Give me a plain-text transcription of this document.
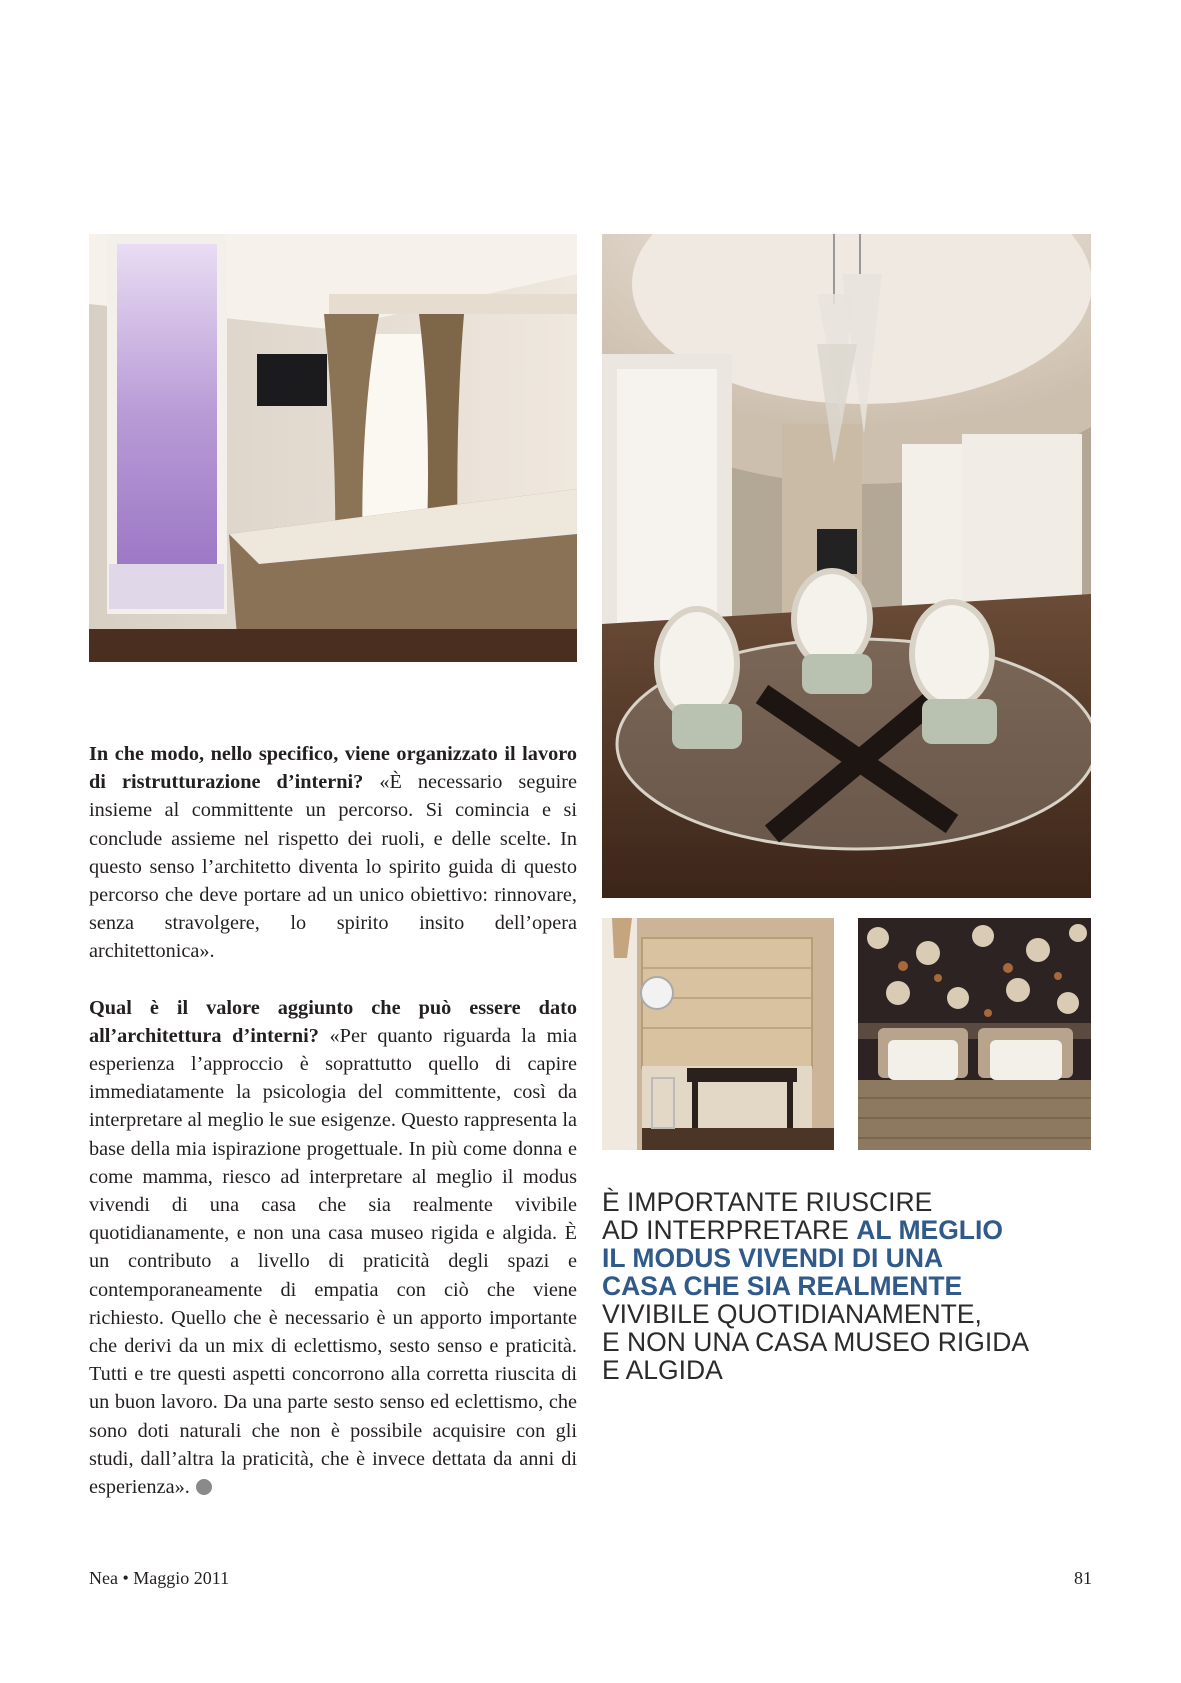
In che modo, nello specifico, viene organizzato il lavoro di ristrutturazione d’interni? «È necessario seguire insieme al committente un percorso. Si comincia e si conclude assieme nel rispetto dei ruoli, e delle scelte. In questo senso l’architetto diventa lo spirito guida di questo percorso che deve portare ad un unico obiettivo: rinnovare, senza stravolgere, lo spirito insito dell’opera architettonica».

Qual è il valore aggiunto che può essere dato all’architettura d’interni? «Per quanto riguarda la mia esperienza l’approccio è soprattutto quello di capire immediatamente la psicologia del committente, così da interpretare al meglio le sue esigenze. Questo rappresenta la base della mia ispirazione progettuale. In più come donna e come mamma, riesco ad interpretare al meglio il modus vivendi di una casa che sia realmente vivibile quotidianamente, e non una casa museo rigida e algida. È un contributo a livello di praticità degli spazi e contemporaneamente di empatia con ciò che viene richiesto. Quello che è necessario è un apporto importante che derivi da un mix di eclettismo, sesto senso e praticità. Tutti e tre questi aspetti concorrono alla corretta riuscita di un buon lavoro. Da una parte sesto senso ed eclettismo, che sono doti naturali che non è possibile acquisire con gli studi, dall’altra la praticità, che è invece dettata da anni di esperienza».

È IMPORTANTE RIUSCIRE
AD INTERPRETARE AL MEGLIO
IL MODUS VIVENDI DI UNA
CASA CHE SIA REALMENTE
VIVIBILE QUOTIDIANAMENTE,
E NON UNA CASA MUSEO RIGIDA
E ALGIDA
Nea • Maggio 2011	81
